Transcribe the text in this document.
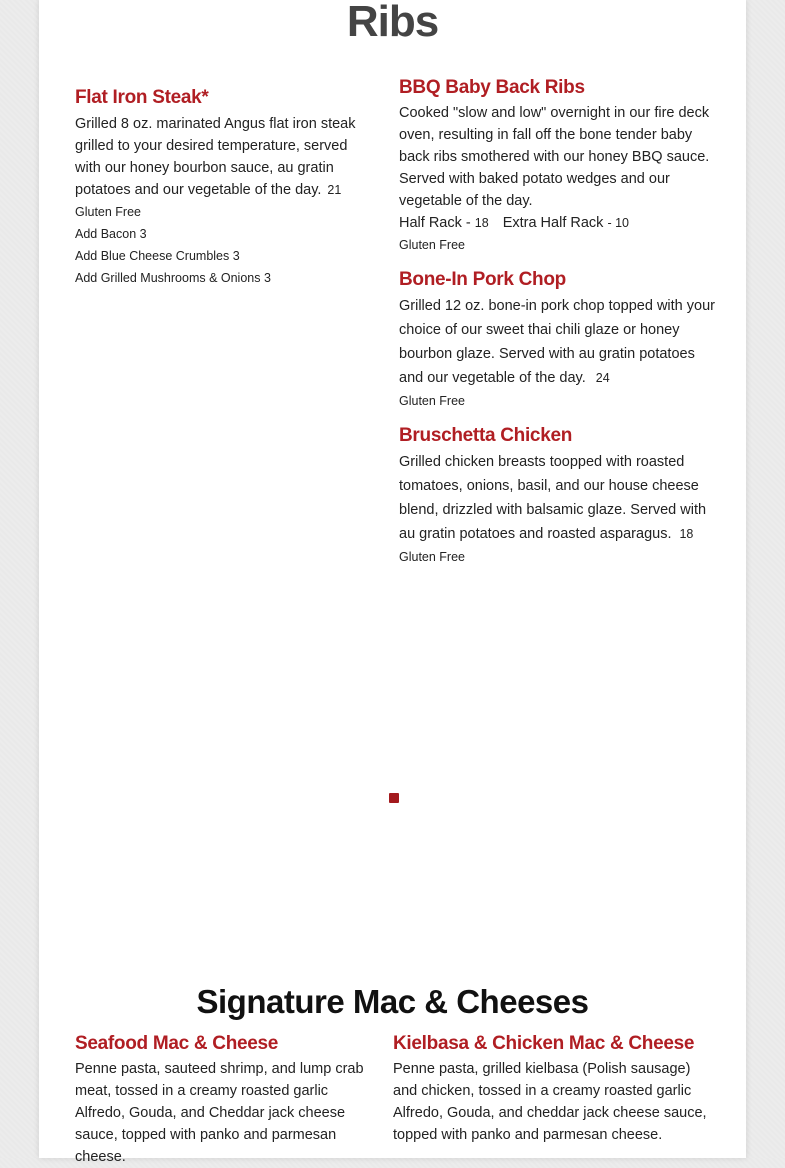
Ribs
Flat Iron Steak*

Grilled 8 oz. marinated Angus flat iron steak grilled to your desired temperature, served with our honey bourbon sauce, au gratin potatoes and our vegetable of the day. 21

Gluten Free

Add Bacon 3

Add Blue Cheese Crumbles 3

Add Grilled Mushrooms & Onions 3

BBQ Baby Back Ribs

Cooked "slow and low" overnight in our fire deck oven, resulting in fall off the bone tender baby back ribs smothered with our honey BBQ sauce. Served with baked potato wedges and our vegetable of the day.

Half Rack - 18 Extra Half Rack - 10

Gluten Free

Bone-In Pork Chop

Grilled 12 oz. bone-in pork chop topped with your choice of our sweet thai chili glaze or honey bourbon glaze. Served with au gratin potatoes and our vegetable of the day. 24

Gluten Free

Bruschetta Chicken

Grilled chicken breasts toopped with roasted tomatoes, onions, basil, and our house cheese blend, drizzled with balsamic glaze. Served with au gratin potatoes and roasted asparagus. 18

Gluten Free

Signature Mac & Cheeses
Seafood Mac & Cheese

Penne pasta, sauteed shrimp, and lump crab meat, tossed in a creamy roasted garlic Alfredo, Gouda, and Cheddar jack cheese sauce, topped with panko and parmesan cheese.

Kielbasa & Chicken Mac & Cheese

Penne pasta, grilled kielbasa (Polish sausage) and chicken, tossed in a creamy roasted garlic Alfredo, Gouda, and cheddar jack cheese sauce, topped with panko and parmesan cheese.
